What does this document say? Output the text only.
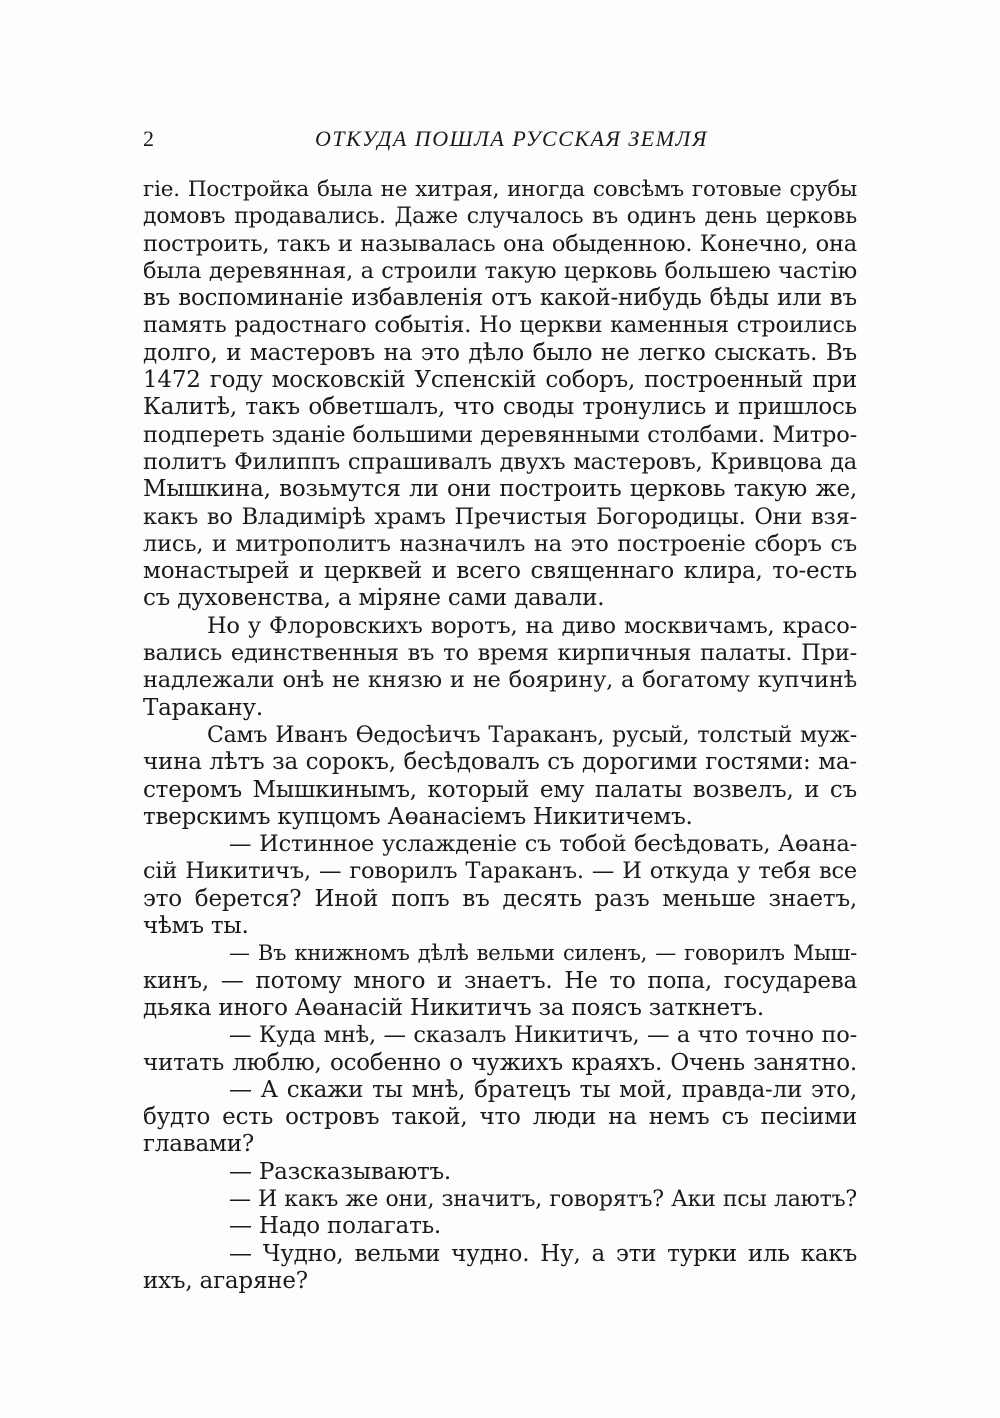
2	ОТКУДА ПОШЛА РУССКАЯ ЗЕМЛЯ
гіе. Постройка была не хитрая, иногда совсѣмъ готовые срубы
домовъ продавались. Даже случалось въ одинъ день церковь
построить, такъ и называлась она обыденною. Конечно, она
была деревянная, а строили такую церковь большею частію
въ воспоминаніе избавленія отъ какой-нибудь бѣды или въ
память радостнаго событія. Но церкви каменныя строились
долго, и мастеровъ на это дѣло было не легко сыскать. Въ
1472 году московскій Успенскій соборъ, построенный при
Калитѣ, такъ обветшалъ, что своды тронулись и пришлось
подпереть зданіе большими деревянными столбами. Митро-
политъ Филиппъ спрашивалъ двухъ мастеровъ, Кривцова да
Мышкина, возьмутся ли они построить церковь такую же,
какъ во Владимірѣ храмъ Пречистыя Богородицы. Они взя-
лись, и митрополитъ назначилъ на это построеніе сборъ съ
монастырей и церквей и всего священнаго клира, то-есть
съ духовенства, а міряне сами давали.
Но у Флоровскихъ воротъ, на диво москвичамъ, красо-
вались единственныя въ то время кирпичныя палаты. При-
надлежали онѣ не князю и не боярину, а богатому купчинѣ
Таракану.
Самъ Иванъ Өедосѣичъ Тараканъ, русый, толстый муж-
чина лѣтъ за сорокъ, бесѣдовалъ съ дорогими гостями: ма-
стеромъ Мышкинымъ, который ему палаты возвелъ, и съ
тверскимъ купцомъ Аөанасіемъ Никитичемъ.
— Истинное услажденіе съ тобой бесѣдовать, Аөана-
сій Никитичъ, — говорилъ Тараканъ. — И откуда у тебя все
это берется? Иной попъ въ десять разъ меньше знаетъ,
чѣмъ ты.
— Въ книжномъ дѣлѣ вельми силенъ, — говорилъ Мыш-
кинъ, — потому много и знаетъ. Не то попа, государева
дьяка иного Аөанасій Никитичъ за поясъ заткнетъ.
— Куда мнѣ, — сказалъ Никитичъ, — а что точно по-
читать люблю, особенно о чужихъ краяхъ. Очень занятно.
— А скажи ты мнѣ, братецъ ты мой, правда-ли это,
будто есть островъ такой, что люди на немъ съ песіими
главами?
— Разсказываютъ.
— И какъ же они, значитъ, говорятъ? Аки псы лаютъ?
— Надо полагать.
— Чудно, вельми чудно. Ну, а эти турки иль какъ
ихъ, агаряне?
